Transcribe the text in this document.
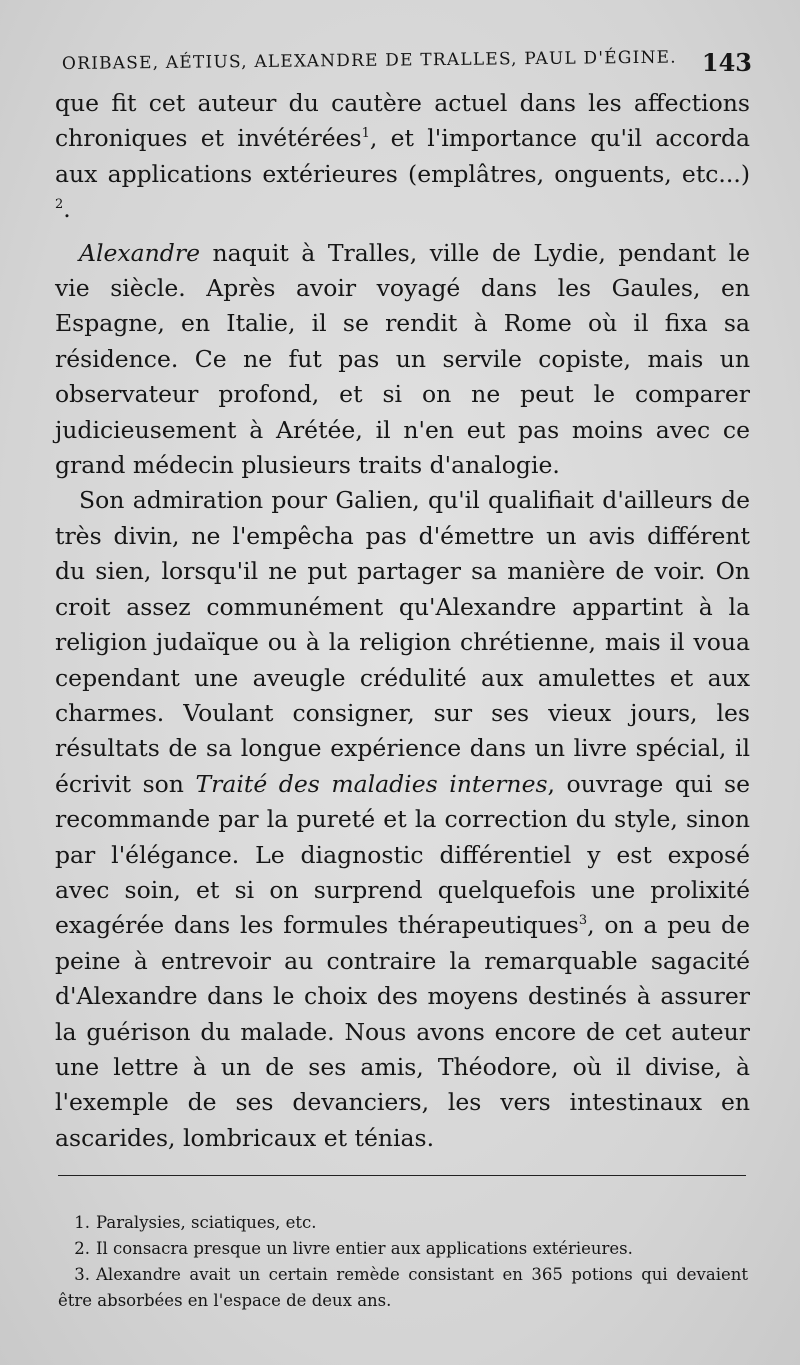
ORIBASE, AÉTIUS, ALEXANDRE DE TRALLES, PAUL D'ÉGINE. 143

que fit cet auteur du cautère actuel dans les affections chroniques et invétérées$^1$, et l'importance qu'il accorda aux applications extérieures (emplâtres, onguents, etc...) $^2$.

Alexandre naquit à Tralles, ville de Lydie, pendant le vie siècle. Après avoir voyagé dans les Gaules, en Espagne, en Italie, il se rendit à Rome où il fixa sa résidence. Ce ne fut pas un servile copiste, mais un observateur profond, et si on ne peut le comparer judicieusement à Arétée, il n'en eut pas moins avec ce grand médecin plusieurs traits d'analogie.

Son admiration pour Galien, qu'il qualifiait d'ailleurs de très divin, ne l'empêcha pas d'émettre un avis différent du sien, lorsqu'il ne put partager sa manière de voir. On croit assez communément qu'Alexandre appartint à la religion judaïque ou à la religion chrétienne, mais il voua cependant une aveugle crédulité aux amulettes et aux charmes. Voulant consigner, sur ses vieux jours, les résultats de sa longue expérience dans un livre spécial, il écrivit son Traité des maladies internes, ouvrage qui se recommande par la pureté et la correction du style, sinon par l'élégance. Le diagnostic différentiel y est exposé avec soin, et si on surprend quelquefois une prolixité exagérée dans les formules thérapeutiques$^3$, on a peu de peine à entrevoir au contraire la remarquable sagacité d'Alexandre dans le choix des moyens destinés à assurer la guérison du malade. Nous avons encore de cet auteur une lettre à un de ses amis, Théodore, où il divise, à l'exemple de ses devanciers, les vers intestinaux en ascarides, lombricaux et ténias.

1. Paralysies, sciatiques, etc.

2. Il consacra presque un livre entier aux applications extérieures.

3. Alexandre avait un certain remède consistant en 365 potions qui devaient être absorbées en l'espace de deux ans.
